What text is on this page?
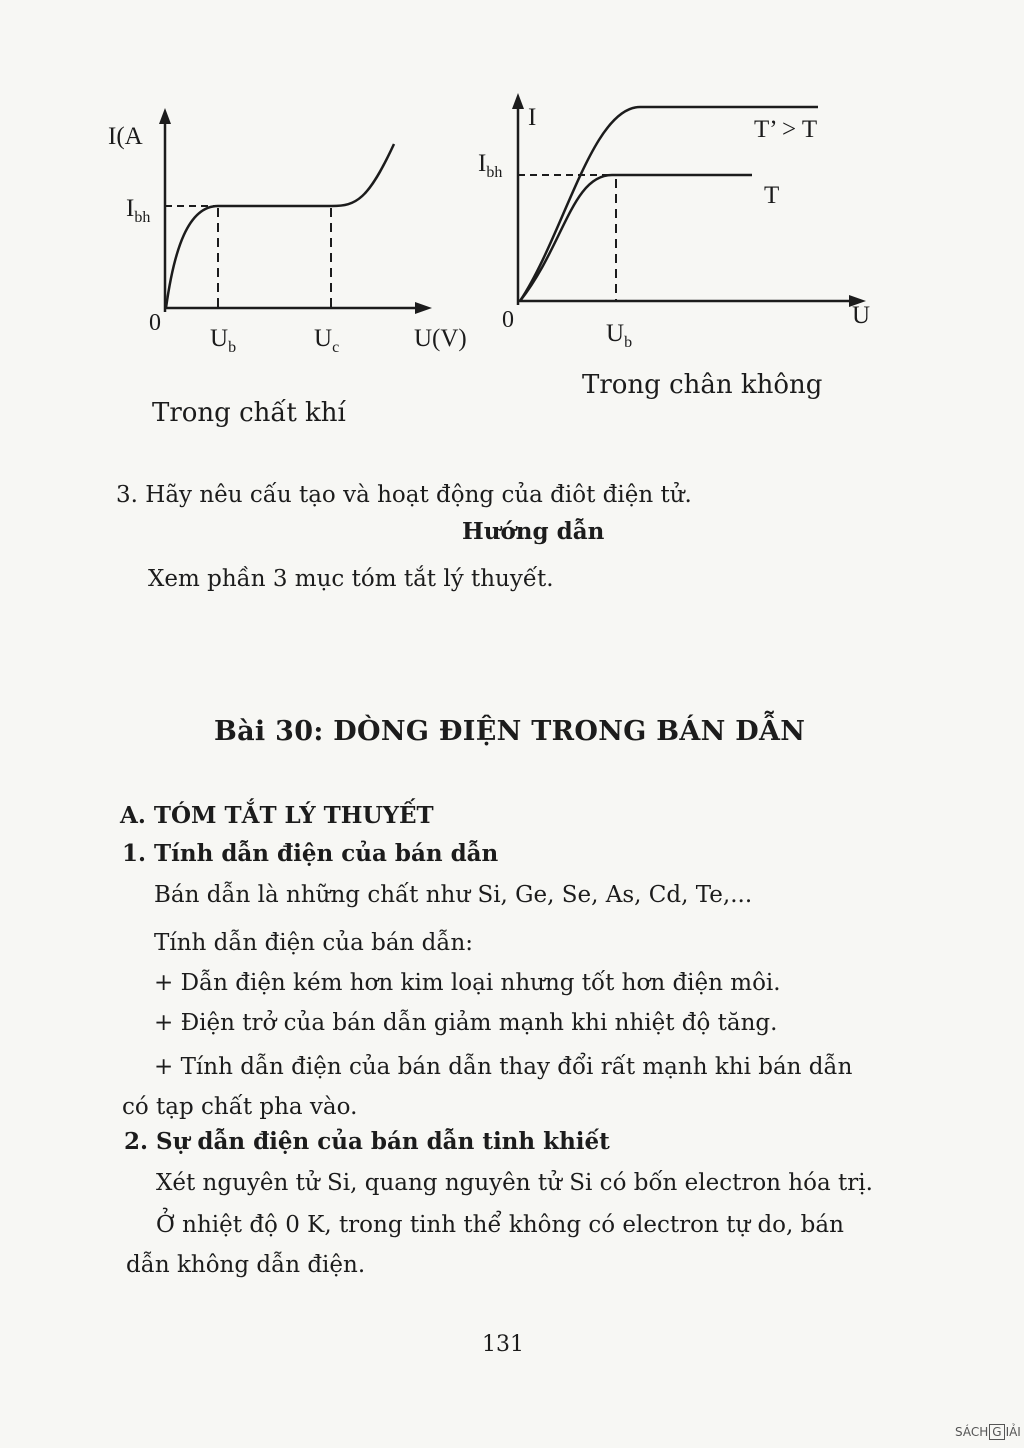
I(A
$I_{bh}$
0
$U_b$	$U_c$	U(V)
Trong chất khí
I
$I_{bh}$
T’ > T
T
0	$U_b$
U
Trong chân không
3. Hãy nêu cấu tạo và hoạt động của điôt điện tử.
Hướng dẫn
Xem phần 3 mục tóm tắt lý thuyết.
Bài 30: DÒNG ĐIỆN TRONG BÁN DẪN
A. TÓM TẮT LÝ THUYẾT
1. Tính dẫn điện của bán dẫn
Bán dẫn là những chất như Si, Ge, Se, As, Cd, Te,...
Tính dẫn điện của bán dẫn:
+ Dẫn điện kém hơn kim loại nhưng tốt hơn điện môi.
+ Điện trở của bán dẫn giảm mạnh khi nhiệt độ tăng.
+ Tính dẫn điện của bán dẫn thay đổi rất mạnh khi bán dẫn
có tạp chất pha vào.
2. Sự dẫn điện của bán dẫn tinh khiết
Xét nguyên tử Si, quang nguyên tử Si có bốn electron hóa trị.
Ở nhiệt độ 0 K, trong tinh thể không có electron tự do, bán
dẫn không dẫn điện.
131
SÁCH G IẢI
